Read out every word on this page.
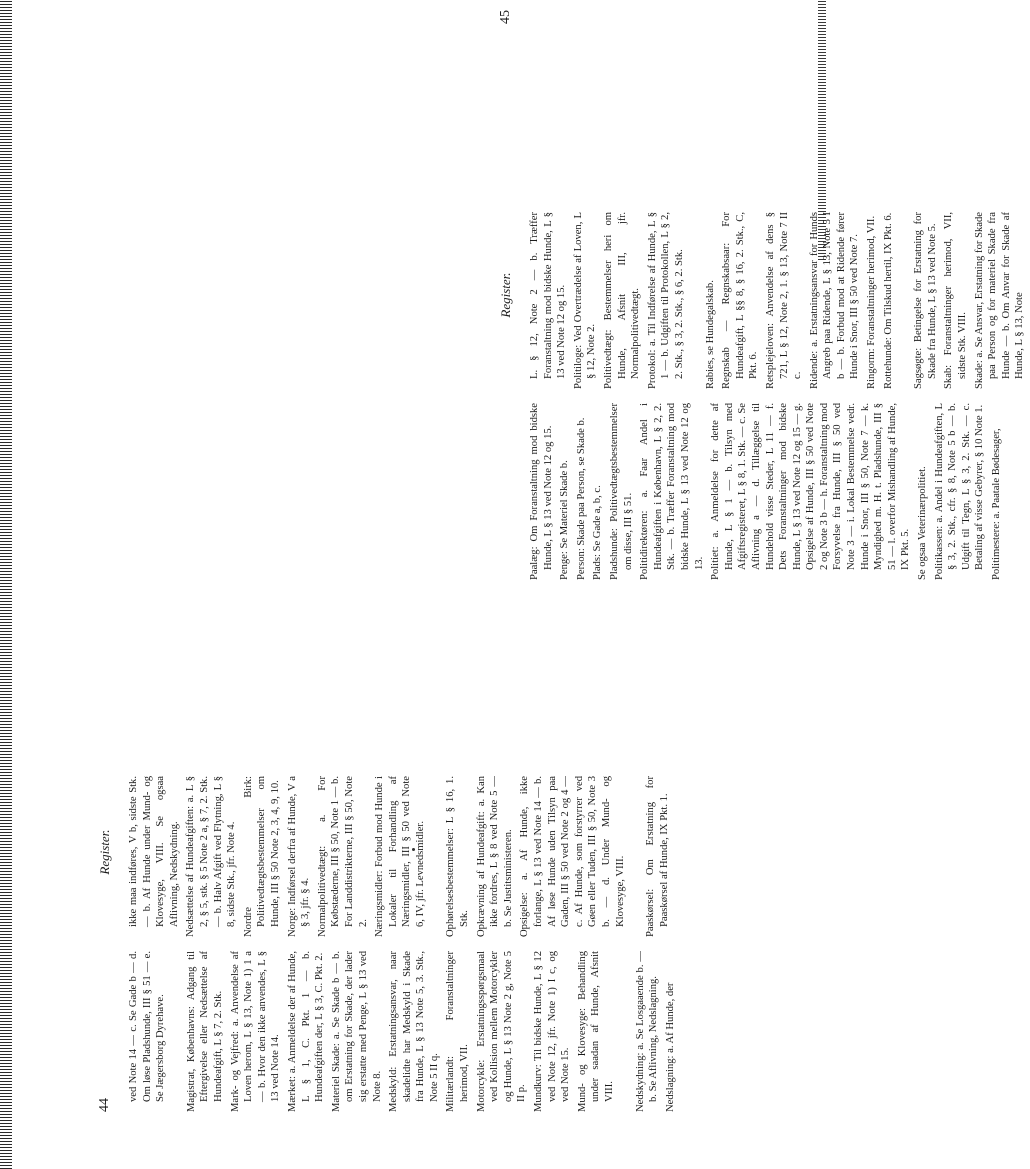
44
Register.

ved Note 14 — c. Se Gade b — d. Om løse Pladshunde, III § 51 — e. Se Jægersborg Dyrehave. Magistrat, Københavns: Adgang til Eftergivelse eller Nedsættelse af Hundeafgift, L § 7, 2. Stk. Mark- og Vejfred: a. Anvendelse af Loven herom, L § 13, Note 1) 1 a — b. Hvor den ikke anvendes, L § 13 ved Note 14. Mærket: a. Anmeldelse der af Hunde, L § 1, C. Pkt. 1 — b. Hundeafgiften der, L § 3, C. Pkt. 2. Materiel Skade: a. Se Skade b — b. om Erstatning for Skade, der lader sig erstatte med Penge, L § 13 ved Note 8. Medskyld: Erstatningsansvar, naar skadelidte har Medskyld i Skade fra Hunde, L § 13 Note 5, 3. Stk., Note 5 II q. Militærlandt: Foranstaltninger herimod, VII. Motorcykle: Erstatningsspørgsmaal ved Kollision mellem Motorcykler og Hunde, L § 13 Note 2 g, Note 5 II p. Mundkurv: Til bidske Hunde, L § 12 ved Note 12, jfr. Note 1) I c, og ved Note 15. Mund- og Klovesyge: Behandling under saadan af Hunde, Afsnit VIII. Nedskydning: a. Se Losgaaende b. — b. Se Aflivning, Nedslagning. Nedslagning: a. Af Hunde, der

ikke maa indføres, V b, sidste Stk. — b. Af Hunde under Mund- og Klovesyge, VIII. Se ogsaa Aflivning, Nedskydning. Nedsættelse af Hundeafgiften: a. L § 2, § 5, stk. § 5 Note 2 a, § 7, 2. Stk. — b. Halv Afgift ved Flytning, L § 8, sidste Stk., jfr. Note 4. Nordre Birk: Politivedtægtsbestemmelser om Hunde, III § 50 Note 2, 3, 4, 9, 10. Norge: Indførsel derfra af Hunde, V a § 3, jfr. § 4. Normalpolitivedtægt: a. For Købstæderne, III § 50, Note 1 — b. For Landdistrikterne, III § 50, Note 2. Næringsmidler: Forbud mod Hunde i Lokaler til Forhandling af Næringsmidler, III § 50 ved Note 6, IV, jfr. Levnedsmidler. Ophørelsesbestemmelser: L § 16, 1. Stk. Opkrævning af Hundeafgift: a. Kan ikke fordres, L § 8 ved Note 5 — b. Se Justitsministeren. Opsigelse: a. Af Hunde, ikke forlange, L § 13 ved Note 14 — b. Af løse Hunde uden Tilsyn paa Gaden, III § 50 ved Note 2 og 4 — c. Af Hunde, som forstyrrer ved Gøen eller Tuden, III § 50, Note 3 b. — d. Under Mund- og Klovesyge, VIII. Paaskørsel: Om Erstatning for Paaskørsel af Hunde, IX Pkt. 1.

Register.
45

Paalæg: Om Foranstaltning mod bidske Hunde, L § 13 ved Note 12 og 15. Penge: Se Materiel Skade b. Person: Skade paa Person, se Skade b. Plads: Se Gade a, b, c. Pladshunde: Politivedtægtsbestemmelser om disse, III § 51. Politidirektøren: a. Faar Andel i Hundeafgiften i København, L § 2, 2. Stk. — b. Træffer Foranstaltning mod bidske Hunde, L § 13 ved Note 12 og 13. Politiet: a. Anmeldelse for dette af Hunde, L § 1 — b. Tilsyn med Afgiftsregisteret, L § 8, 1. Stk. — c. Se Aflivning a — d. Tillæggelse til Hundehold visse Steder, L 11 — f. Dets Foranstaltninger mod bidske Hunde, L § 13 ved Note 12 og 15 — g. Opsigelse af Hunde, III § 50 ved Note 2 og Note 3 b — h. Foranstaltning mod Forsyvelse fra Hunde, III § 50 ved Note 3 — i. Lokal Bestemmelse vedr. Hunde i Snor, III § 50, Note 7 — k. Myndighed m. H. t. Pladshunde, III § 51 — l. overfor Mishandling af Hunde, IX Pkt. 5. Se ogsaa Veterinærpolitiet. Politikassen: a. Andel i Hundeafgiften, L § 3, 2. Stk., cfr. § 8, Note 5 b — b. Udgift til Tegn, L § 3, 2. Stk. — c. Betaling af visse Gebyrer, § 10 Note 1. Politimestere: a. Paatale Bødesager,

L. § 12, Note 2 — b. Træffer Foranstaltning mod bidske Hunde, L § 13 ved Note 12 og 15. Politiloge: Ved Overtrædelse af Loven, L § 12, Note 2. Politivedtægt: Bestemmelser heri om Hunde, Afsnit III, jfr. Normalpolitivedtægt. Protokol: a. Til Indførelse af Hunde, L § 1 — b. Udgiften til Protokollen, L § 2, 2. Stk., § 3, 2. Stk., § 6, 2. Stk. Rabies, se Hundegalskab. Regnskab — Regnskabsaar: For Hundeafgift, L §§ 8, § 16, 2. Stk., C, Pkt. 6. Retsplejeloven: Anvendelse af dens § 721, L § 12, Note 2, 1. § 13, Note 7 II c. Ridende: a. Erstatningsansvar for Hunds Angreb paa Ridende, L § 13, Note 5 I b — b. Forbud mod at Ridende fører Hunde i Snor, III § 50 ved Note 7. Ringorm: Foranstaltninger herimod, VII. Rottehunde: Om Tilskud hertil, IX Pkt. 6. Sagsøgte: Betingelse for Erstatning for Skade fra Hunde, L § 13 ved Note 5. Skab: Foranstaltninger herimod, VII, sidste Stk. VIII. Skade: a. Se Ansvar, Erstatning for Skade paa Person og for materiel Skade fra Hunde — b. Om Anvar for Skade af Hunde, L § 13, Note
